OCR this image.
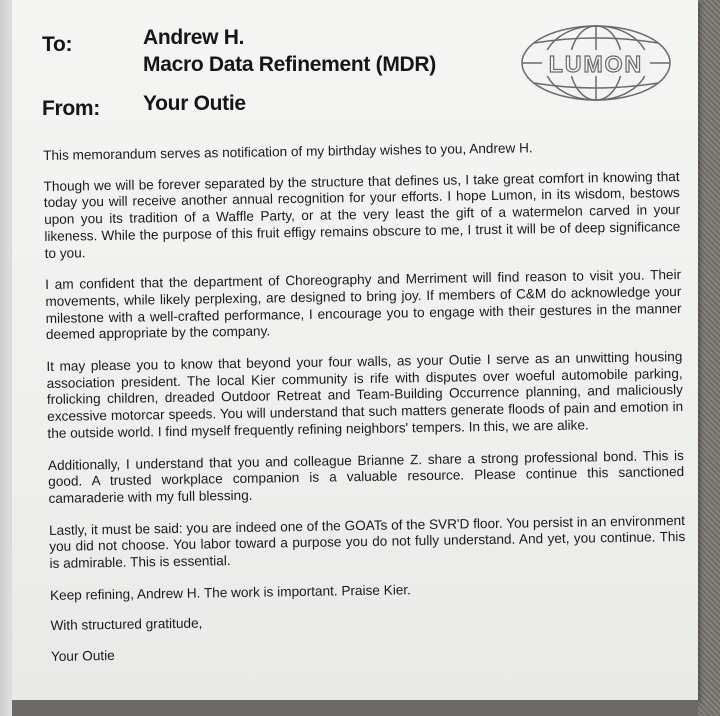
To:	Andrew H.
Macro Data Refinement (MDR)
From: Your Outie
LUMON

This memorandum serves as notification of my birthday wishes to you, Andrew H.

Though we will be forever separated by the structure that defines us, I take great comfort in knowing that today you will receive another annual recognition for your efforts. I hope Lumon, in its wisdom, bestows upon you its tradition of a Waffle Party, or at the very least the gift of a watermelon carved in your likeness. While the purpose of this fruit effigy remains obscure to me, I trust it will be of deep significance to you.

I am confident that the department of Choreography and Merriment will find reason to visit you. Their movements, while likely perplexing, are designed to bring joy. If members of C&M do acknowledge your milestone with a well-crafted performance, I encourage you to engage with their gestures in the manner deemed appropriate by the company.

It may please you to know that beyond your four walls, as your Outie I serve as an unwitting housing association president. The local Kier community is rife with disputes over woeful automobile parking, frolicking children, dreaded Outdoor Retreat and Team-Building Occurrence planning, and maliciously excessive motorcar speeds. You will understand that such matters generate floods of pain and emotion in the outside world. I find myself frequently refining neighbors' tempers. In this, we are alike.

Additionally, I understand that you and colleague Brianne Z. share a strong professional bond. This is good. A trusted workplace companion is a valuable resource. Please continue this sanctioned camaraderie with my full blessing.

Lastly, it must be said: you are indeed one of the GOATs of the SVR'D floor. You persist in an environment you did not choose. You labor toward a purpose you do not fully understand. And yet, you continue. This is admirable. This is essential.

Keep refining, Andrew H. The work is important. Praise Kier.

With structured gratitude,

Your Outie
